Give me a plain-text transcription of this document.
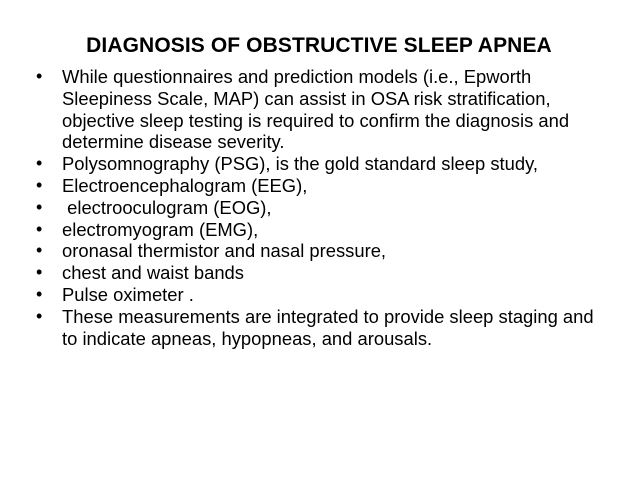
DIAGNOSIS OF OBSTRUCTIVE SLEEP APNEA
•	While questionnaires and prediction models (i.e., Epworth Sleepiness Scale, MAP) can assist in OSA risk stratification, objective sleep testing is required to confirm the diagnosis and determine disease severity.
•	Polysomnography (PSG), is the gold standard sleep study,
•	Electroencephalogram (EEG),
•	electrooculogram (EOG),
•	electromyogram (EMG),
•	oronasal thermistor and nasal pressure,
•	chest and waist bands
•	Pulse oximeter .
•	These measurements are integrated to provide sleep staging and to indicate apneas, hypopneas, and arousals.
